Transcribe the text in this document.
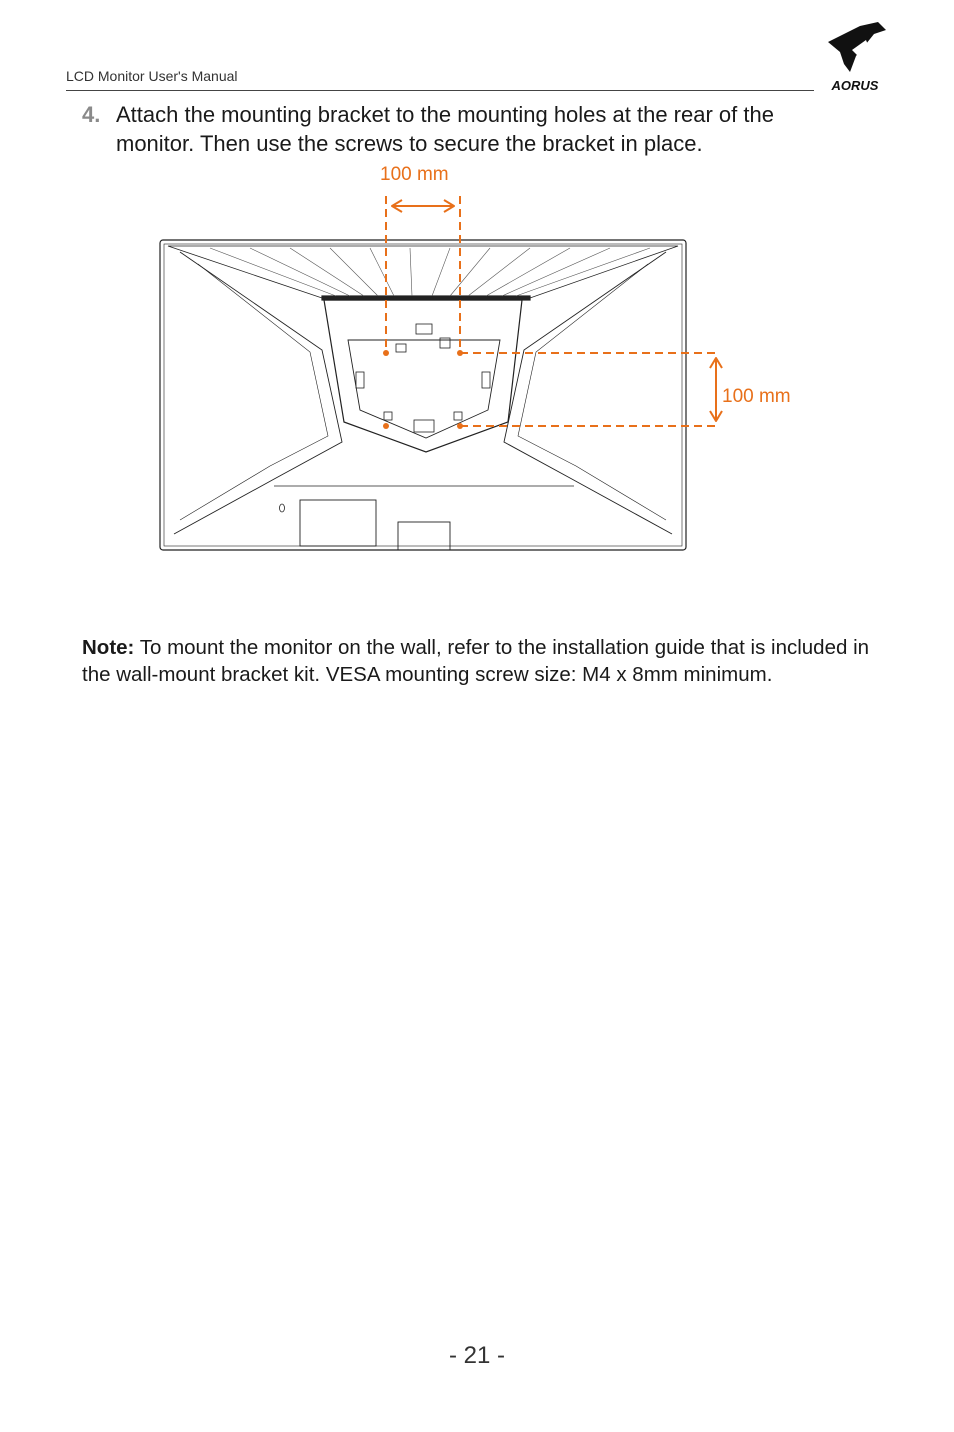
LCD Monitor User's Manual
AORUS
4. Attach the mounting bracket to the mounting holes at the rear of the monitor. Then use the screws to secure the bracket in place.
100 mm
100 mm
Note: To mount the monitor on the wall, refer to the installation guide that is included in the wall-mount bracket kit. VESA mounting screw size: M4 x 8mm minimum.
- 21 -
